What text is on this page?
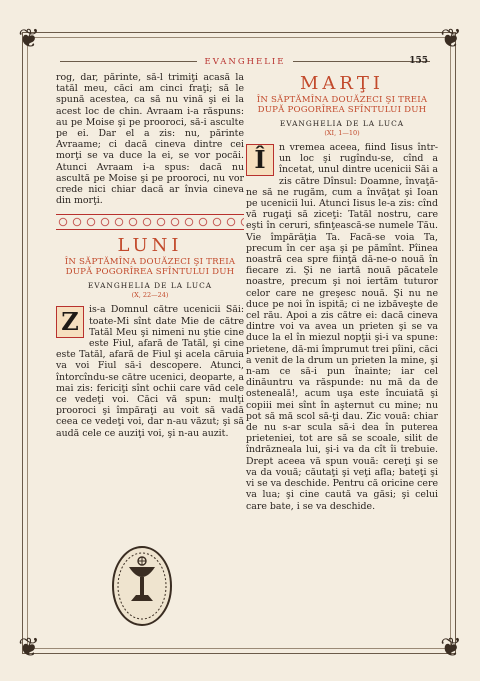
❦	❦
❦	❦
EVANGHELIE	155

rog, dar, părinte, să-l trimiţi acasă la tatăl meu, căci am cinci fraţi; să le spună acestea, ca să nu vină şi ei la acest loc de chin. Avraam i-a răspuns: au pe Moise şi pe prooroci, să-i asculte pe ei. Dar el a zis: nu, părinte Avraame; ci dacă cineva dintre cei morţi se va duce la ei, se vor pocăi. Atunci Avraam i-a spus: dacă nu ascultă pe Moise şi pe prooroci, nu vor crede nici chiar dacă ar învia cineva din morţi.

LUNI
ÎN SĂPTĂMÎNA DOUĂZECI ŞI TREIA DUPĂ POGORÎREA SFÎNTULUI DUH
EVANGHELIA DE LA LUCA
(X, 22—24)

Z	is-a Domnul către ucenicii Săi: toate-Mi sînt date Mie de către Tatăl Meu şi nimeni nu ştie cine este Fiul, afară de Tatăl, şi cine este Tatăl, afară de Fiul şi acela căruia va voi Fiul să-i descopere. Atunci, întorcîndu-se către ucenici, deoparte, a mai zis: fericiţi sînt ochii care văd cele ce vedeţi voi. Căci vă spun: mulţi prooroci şi împăraţi au voit să vadă ceea ce vedeţi voi, dar n-au văzut; şi să audă cele ce auziţi voi, şi n-au auzit.

MARŢI
ÎN SĂPTĂMÎNA DOUĂZECI ŞI TREIA DUPĂ POGORÎREA SFÎNTULUI DUH
EVANGHELIA DE LA LUCA
(XI, 1—10)

Î	n vremea aceea, fiind Iisus într-un loc şi rugîndu-se, cînd a încetat, unul dintre ucenicii Săi a zis către Dînsul: Doamne, învaţă-ne să ne rugăm, cum a învăţat şi Ioan pe ucenicii lui. Atunci Iisus le-a zis: cînd vă rugaţi să ziceţi: Tatăl nostru, care eşti în ceruri, sfinţească-se numele Tău. Vie împărăţia Ta. Facă-se voia Ta, precum în cer aşa şi pe pămînt. Pîinea noastră cea spre fiinţă dă-ne-o nouă în fiecare zi. Şi ne iartă nouă păcatele noastre, precum şi noi iertăm tuturor celor care ne greşesc nouă. Şi nu ne duce pe noi în ispită; ci ne izbăveşte de cel rău. Apoi a zis către ei: dacă cineva dintre voi va avea un prieten şi se va duce la el în miezul nopţii şi-i va spune: prietene, dă-mi împrumut trei pîini, căci a venit de la drum un prieten la mine, şi n-am ce să-i pun înainte; iar cel dinăuntru va răspunde: nu mă da de osteneală!, acum uşa este încuiată şi copiii mei sînt în aşternut cu mine; nu pot să mă scol să-ţi dau. Zic vouă: chiar de nu s-ar scula să-i dea în puterea prieteniei, tot are să se scoale, silit de îndrăzneala lui, şi-i va da cît îi trebuie. Drept aceea vă spun vouă: cereţi şi se va da vouă; căutaţi şi veţi afla; bateţi şi vi se va deschide. Pentru că oricine cere va lua; şi cine caută va găsi; şi celui care bate, i se va deschide.
